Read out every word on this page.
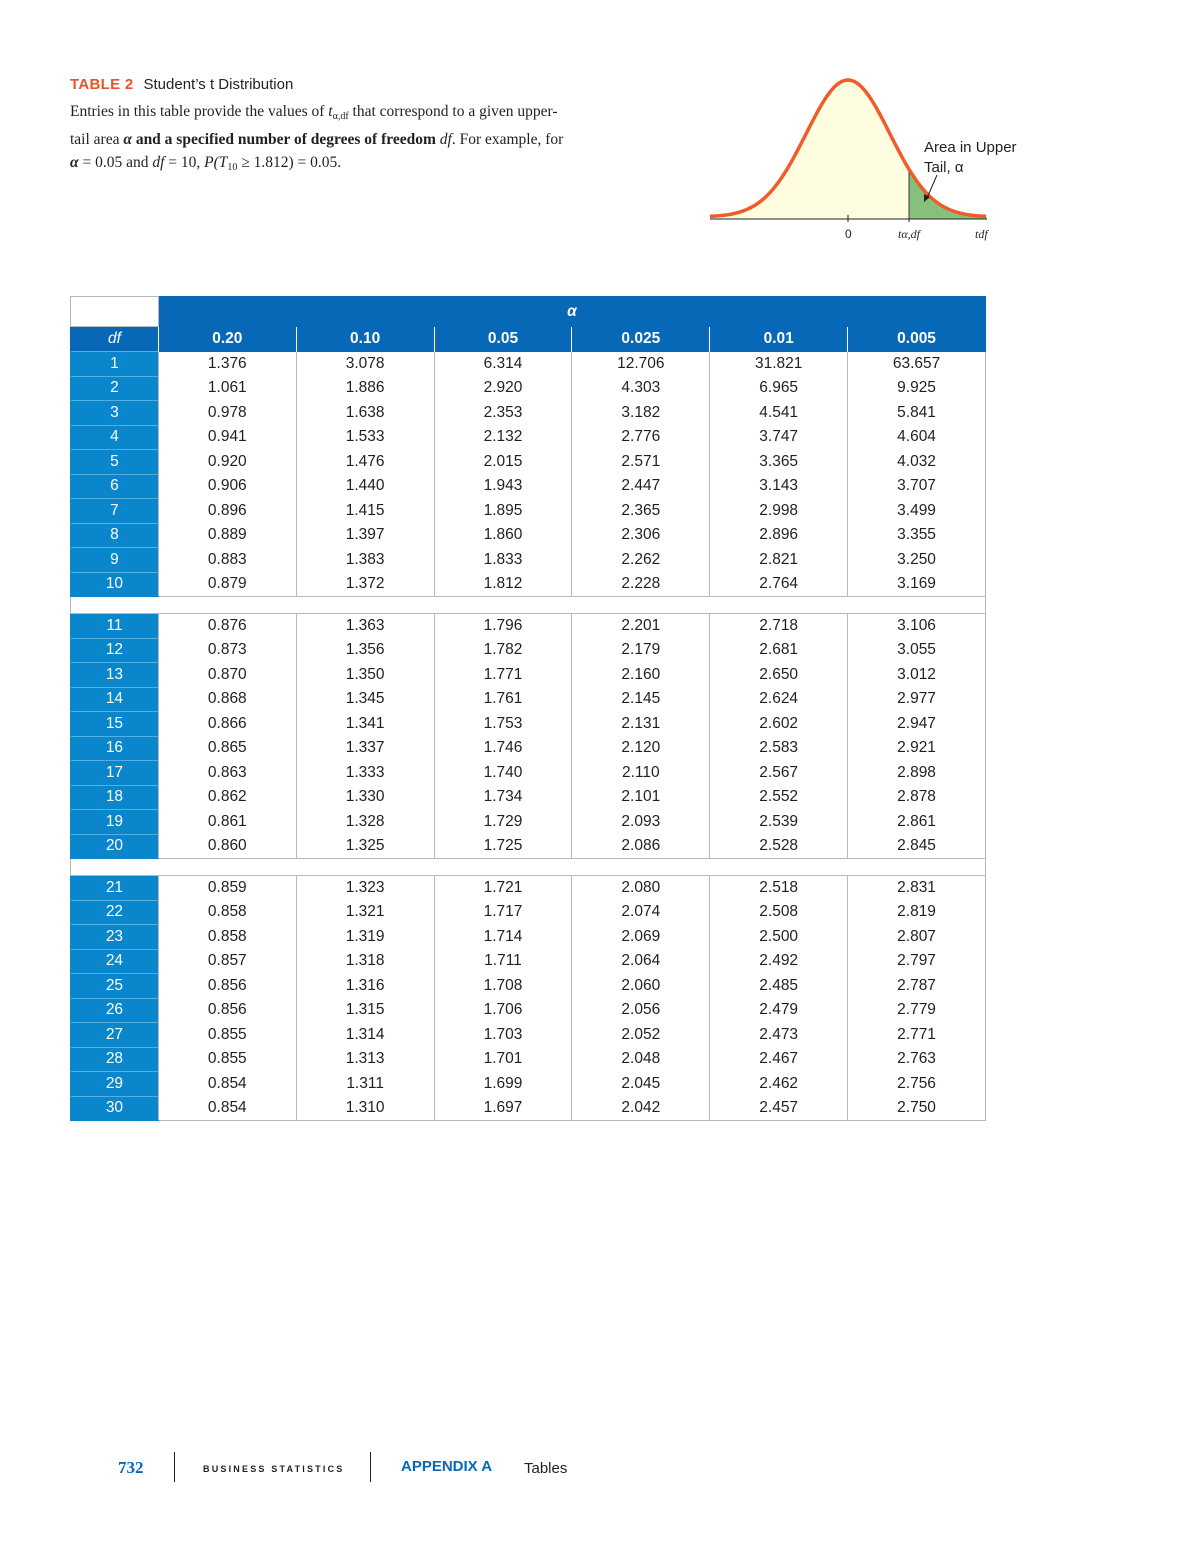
TABLE 2 Student’s t Distribution
Entries in this table provide the values of $t_{\alpha,df}$ that correspond to a given upper-
tail area α and a specified number of degrees of freedom df. For example, for
α = 0.05 and df = 10, $P(T_{10} \ge 1.812) = 0.05$.
Area in Upper
Tail, α
0	tα,df	tdf
	α					
df	0.20	0.10	0.05	0.025	0.01	0.005
1	1.376	3.078	6.314	12.706	31.821	63.657
2	1.061	1.886	2.920	4.303	6.965	9.925
3	0.978	1.638	2.353	3.182	4.541	5.841
4	0.941	1.533	2.132	2.776	3.747	4.604
5	0.920	1.476	2.015	2.571	3.365	4.032
6	0.906	1.440	1.943	2.447	3.143	3.707
7	0.896	1.415	1.895	2.365	2.998	3.499
8	0.889	1.397	1.860	2.306	2.896	3.355
9	0.883	1.383	1.833	2.262	2.821	3.250
10	0.879	1.372	1.812	2.228	2.764	3.169

11	0.876	1.363	1.796	2.201	2.718	3.106
12	0.873	1.356	1.782	2.179	2.681	3.055
13	0.870	1.350	1.771	2.160	2.650	3.012
14	0.868	1.345	1.761	2.145	2.624	2.977
15	0.866	1.341	1.753	2.131	2.602	2.947
16	0.865	1.337	1.746	2.120	2.583	2.921
17	0.863	1.333	1.740	2.110	2.567	2.898
18	0.862	1.330	1.734	2.101	2.552	2.878
19	0.861	1.328	1.729	2.093	2.539	2.861
20	0.860	1.325	1.725	2.086	2.528	2.845

21	0.859	1.323	1.721	2.080	2.518	2.831
22	0.858	1.321	1.717	2.074	2.508	2.819
23	0.858	1.319	1.714	2.069	2.500	2.807
24	0.857	1.318	1.711	2.064	2.492	2.797
25	0.856	1.316	1.708	2.060	2.485	2.787
26	0.856	1.315	1.706	2.056	2.479	2.779
27	0.855	1.314	1.703	2.052	2.473	2.771
28	0.855	1.313	1.701	2.048	2.467	2.763
29	0.854	1.311	1.699	2.045	2.462	2.756
30	0.854	1.310	1.697	2.042	2.457	2.750
732	BUSINESS STATISTICS	APPENDIX A Tables
